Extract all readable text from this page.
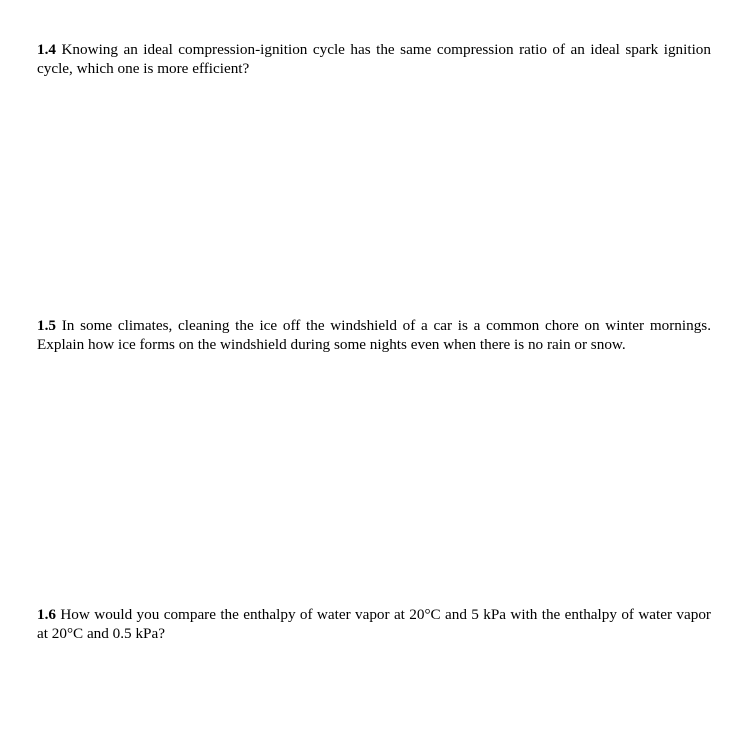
1.4 Knowing an ideal compression-ignition cycle has the same compression ratio of an ideal spark ignition cycle, which one is more efficient?
1.5 In some climates, cleaning the ice off the windshield of a car is a common chore on winter mornings. Explain how ice forms on the windshield during some nights even when there is no rain or snow.
1.6 How would you compare the enthalpy of water vapor at 20°C and 5 kPa with the enthalpy of water vapor at 20°C and 0.5 kPa?
